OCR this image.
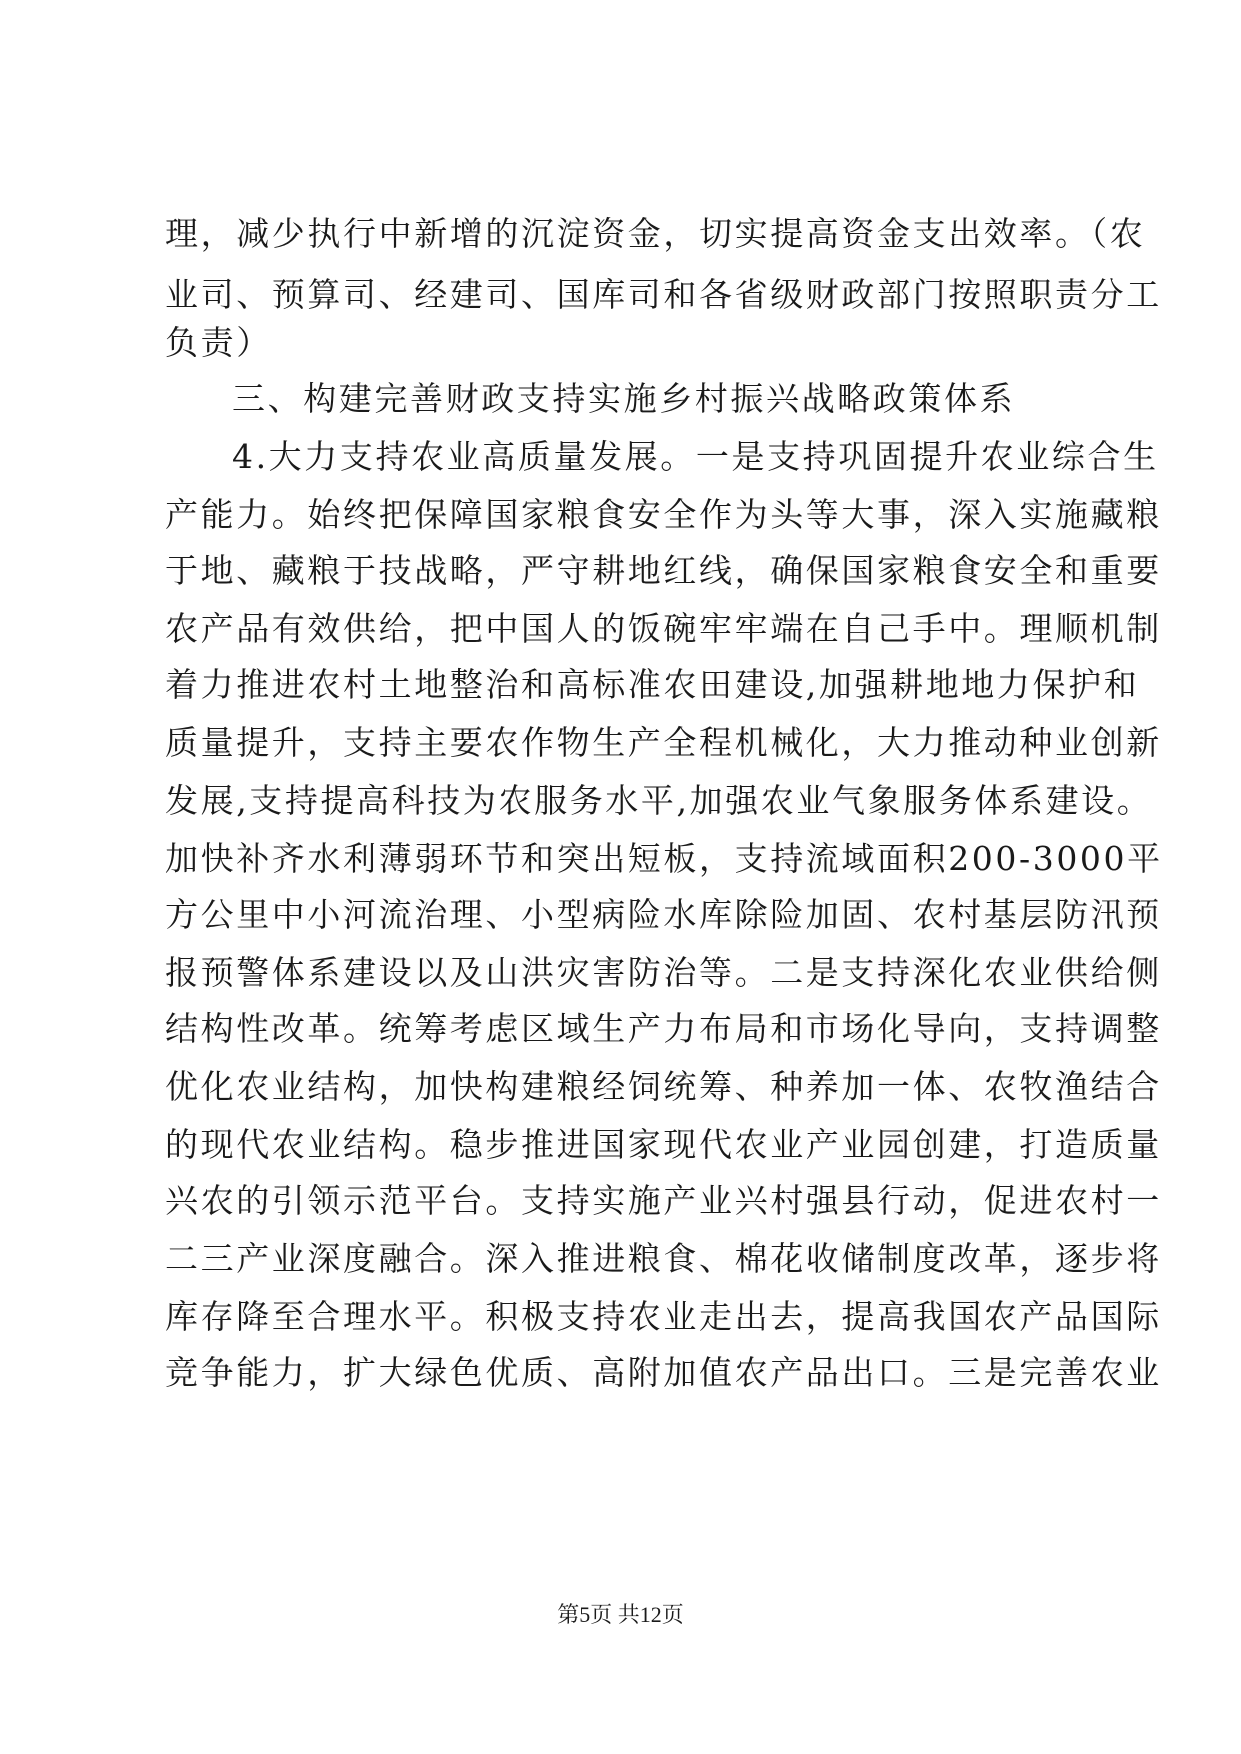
理，减少执行中新增的沉淀资金，切实提高资金支出效率。（农
业司、预算司、经建司、国库司和各省级财政部门按照职责分工
负责）
三、构建完善财政支持实施乡村振兴战略政策体系
4.大力支持农业高质量发展。一是支持巩固提升农业综合生
产能力。始终把保障国家粮食安全作为头等大事，深入实施藏粮
于地、藏粮于技战略，严守耕地红线，确保国家粮食安全和重要
农产品有效供给，把中国人的饭碗牢牢端在自己手中。理顺机制
着力推进农村土地整治和高标准农田建设,加强耕地地力保护和
质量提升，支持主要农作物生产全程机械化，大力推动种业创新
发展,支持提高科技为农服务水平,加强农业气象服务体系建设。
加快补齐水利薄弱环节和突出短板，支持流域面积200-3000平
方公里中小河流治理、小型病险水库除险加固、农村基层防汛预
报预警体系建设以及山洪灾害防治等。二是支持深化农业供给侧
结构性改革。统筹考虑区域生产力布局和市场化导向，支持调整
优化农业结构，加快构建粮经饲统筹、种养加一体、农牧渔结合
的现代农业结构。稳步推进国家现代农业产业园创建，打造质量
兴农的引领示范平台。支持实施产业兴村强县行动，促进农村一
二三产业深度融合。深入推进粮食、棉花收储制度改革，逐步将
库存降至合理水平。积极支持农业走出去，提高我国农产品国际
竞争能力，扩大绿色优质、高附加值农产品出口。三是完善农业
第5页 共12页
